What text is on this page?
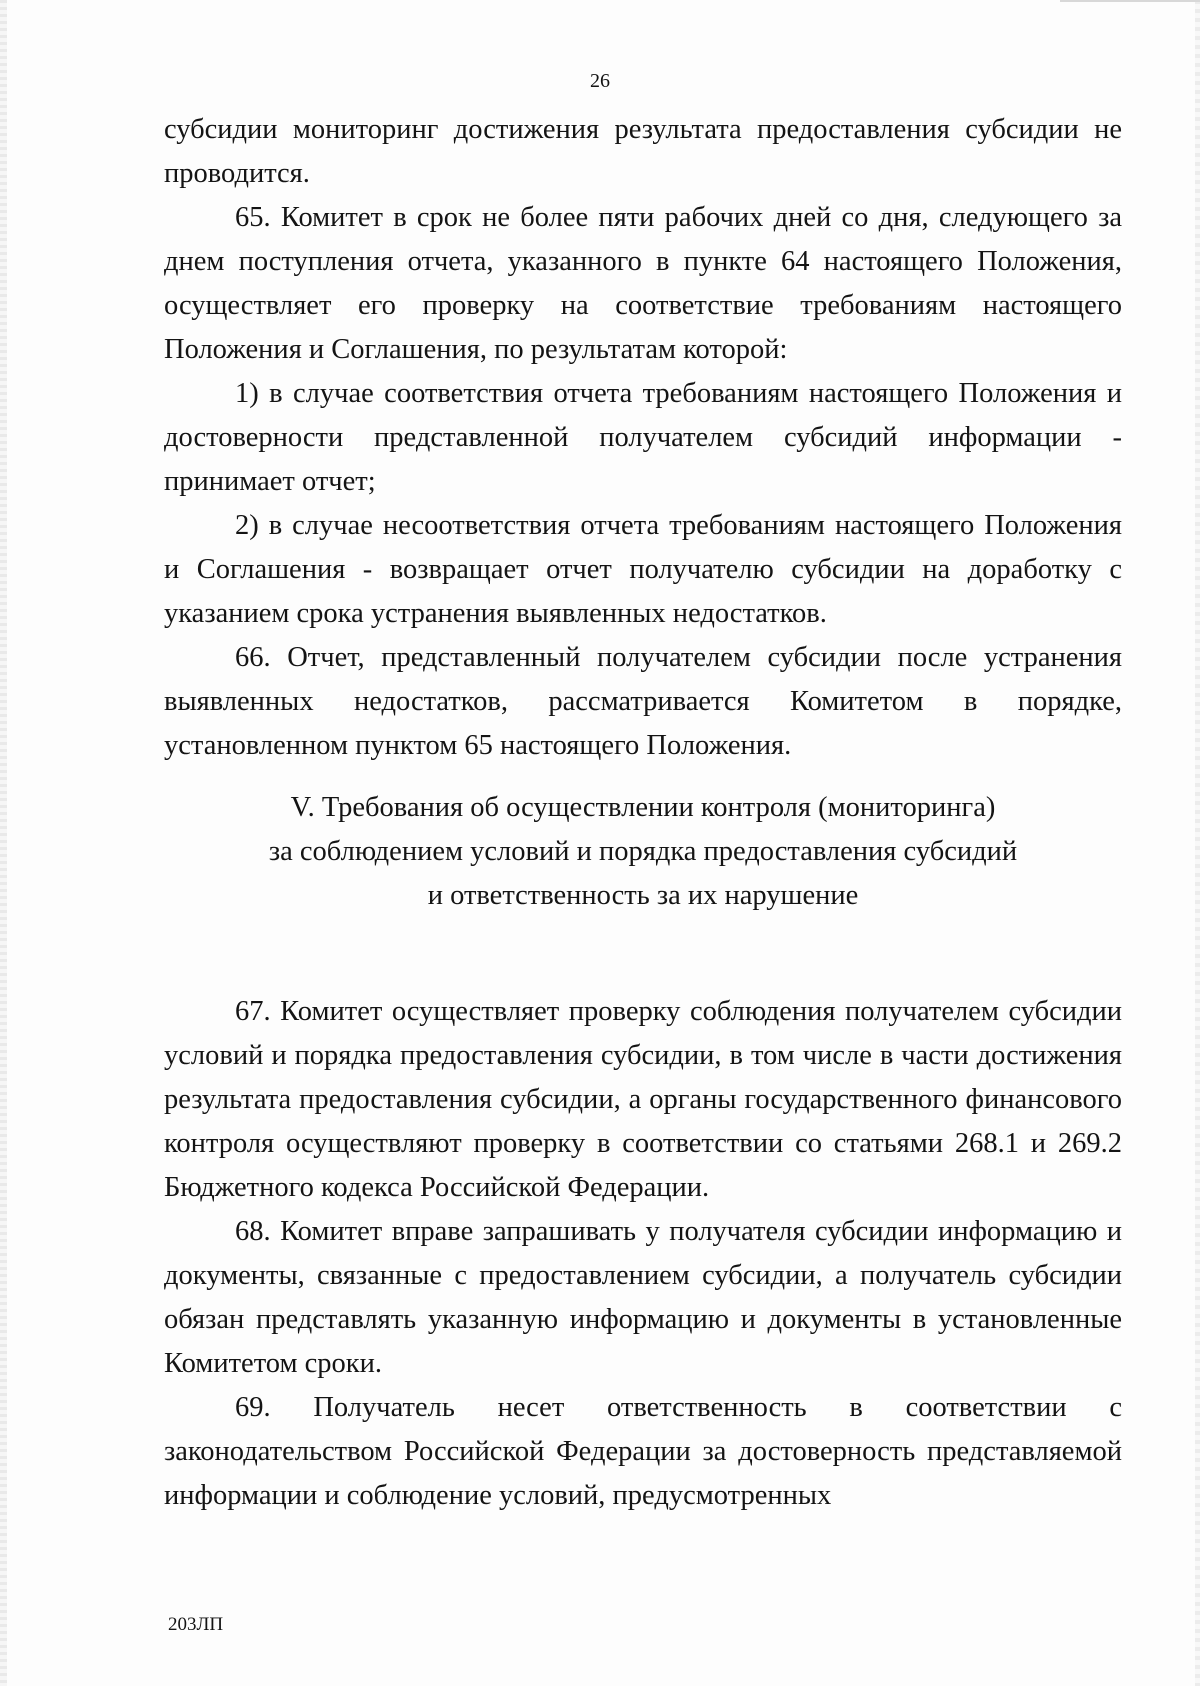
26

субсидии мониторинг достижения результата предоставления субсидии не проводится.

65. Комитет в срок не более пяти рабочих дней со дня, следующего за днем поступления отчета, указанного в пункте 64 настоящего Положения, осуществляет его проверку на соответствие требованиям настоящего Положения и Соглашения, по результатам которой:

1) в случае соответствия отчета требованиям настоящего Положения и достоверности представленной получателем субсидий информации - принимает отчет;

2) в случае несоответствия отчета требованиям настоящего Положения и Соглашения - возвращает отчет получателю субсидии на доработку с указанием срока устранения выявленных недостатков.

66. Отчет, представленный получателем субсидии после устранения выявленных недостатков, рассматривается Комитетом в порядке, установленном пунктом 65 настоящего Положения.

V. Требования об осуществлении контроля (мониторинга)
за соблюдением условий и порядка предоставления субсидий
и ответственность за их нарушение

67. Комитет осуществляет проверку соблюдения получателем субсидии условий и порядка предоставления субсидии, в том числе в части достижения результата предоставления субсидии, а органы государственного финансового контроля осуществляют проверку в соответствии со статьями 268.1 и 269.2 Бюджетного кодекса Российской Федерации.

68. Комитет вправе запрашивать у получателя субсидии информацию и документы, связанные с предоставлением субсидии, а получатель субсидии обязан представлять указанную информацию и документы в установленные Комитетом сроки.

69. Получатель несет ответственность в соответствии с законодательством Российской Федерации за достоверность представляемой информации и соблюдение условий, предусмотренных

203ЛП
